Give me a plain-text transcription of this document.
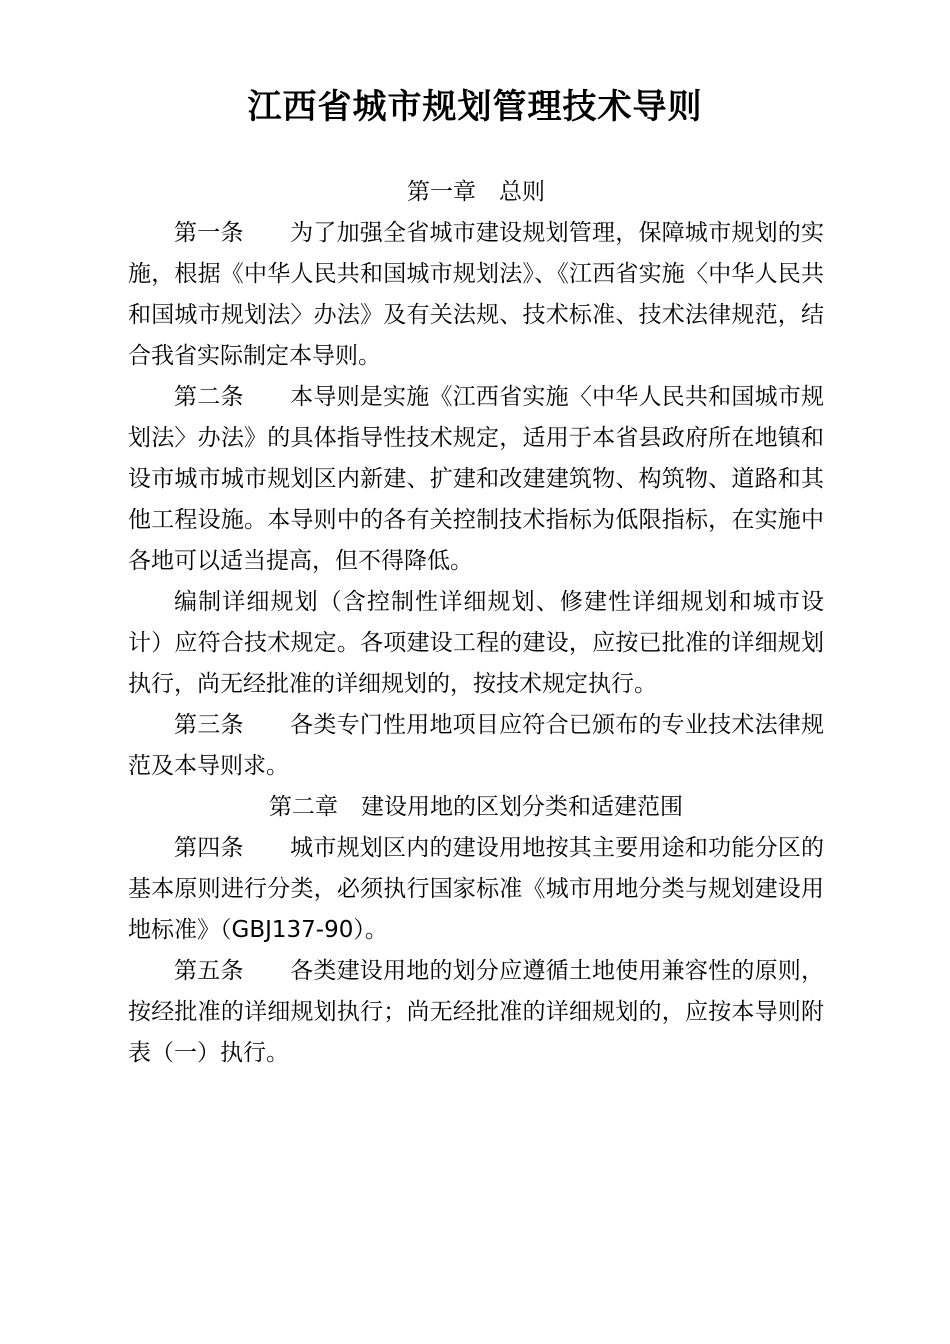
江西省城市规划管理技术导则

第一章　总则

第一条　　为了加强全省城市建设规划管理，保障城市规划的实施，根据《中华人民共和国城市规划法》、《江西省实施〈中华人民共和国城市规划法〉办法》及有关法规、技术标准、技术法律规范，结合我省实际制定本导则。

第二条　　本导则是实施《江西省实施〈中华人民共和国城市规划法〉办法》的具体指导性技术规定，适用于本省县政府所在地镇和设市城市城市规划区内新建、扩建和改建建筑物、构筑物、道路和其他工程设施。本导则中的各有关控制技术指标为低限指标，在实施中各地可以适当提高，但不得降低。

编制详细规划（含控制性详细规划、修建性详细规划和城市设计）应符合技术规定。各项建设工程的建设，应按已批准的详细规划执行，尚无经批准的详细规划的，按技术规定执行。

第三条　　各类专门性用地项目应符合已颁布的专业技术法律规范及本导则求。

第二章　建设用地的区划分类和适建范围

第四条　　城市规划区内的建设用地按其主要用途和功能分区的基本原则进行分类，必须执行国家标准《城市用地分类与规划建设用地标准》（GBJ137-90）。

第五条　　各类建设用地的划分应遵循土地使用兼容性的原则，按经批准的详细规划执行；尚无经批准的详细规划的，应按本导则附表（一）执行。
